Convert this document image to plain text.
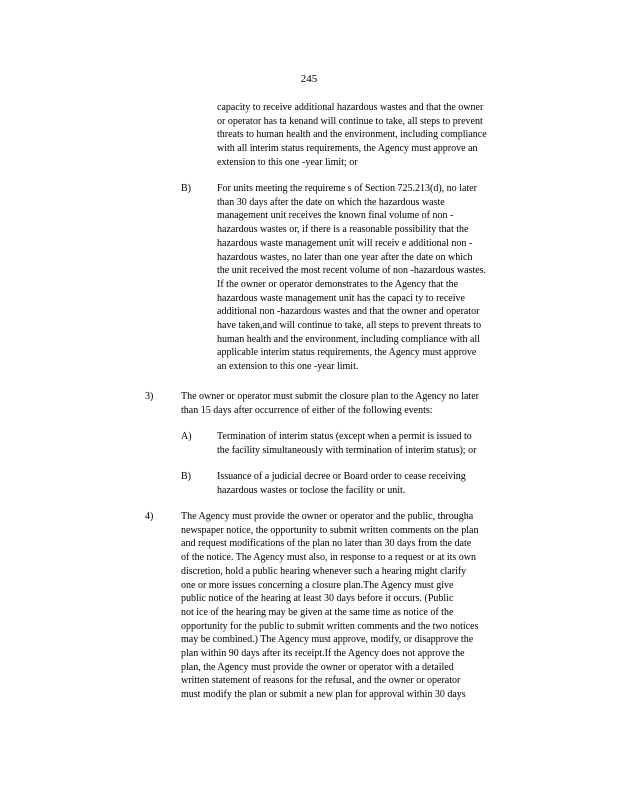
245
capacity to receive additional hazardous wastes and that the owner
or operator has ta kenand will continue to take, all steps to prevent
threats to human health and the environment, including compliance
with all interim status requirements, the Agency must approve an
extension to this one -year limit; or
B)	For units meeting the requireme s of Section 725.213(d), no later
than 30 days after the date on which the hazardous waste
management unit receives the known final volume of non -
hazardous wastes or, if there is a reasonable possibility that the
hazardous waste management unit will receiv e additional non -
hazardous wastes, no later than one year after the date on which
the unit received the most recent volume of non -hazardous wastes.
If the owner or operator demonstrates to the Agency that the
hazardous waste management unit has the capaci ty to receive
additional non -hazardous wastes and that the owner and operator
have taken,and will continue to take, all steps to prevent threats to
human health and the environment, including compliance with all
applicable interim status requirements, the Agency must approve
an extension to this one -year limit.
3)	The owner or operator must submit the closure plan to the Agency no later
than 15 days after occurrence of either of the following events:
A)	Termination of interim status (except when a permit is issued to
the facility simultaneously with termination of interim status); or
B)	Issuance of a judicial decree or Board order to cease receiving
hazardous wastes or toclose the facility or unit.
4)	The Agency must provide the owner or operator and the public, througha
newspaper notice, the opportunity to submit written comments on the plan
and request modifications of the plan no later than 30 days from the date
of the notice. The Agency must also, in response to a request or at its own
discretion, hold a public hearing whenever such a hearing might clarify
one or more issues concerning a closure plan.The Agency must give
public notice of the hearing at least 30 days before it occurs. (Public
not ice of the hearing may be given at the same time as notice of the
opportunity for the public to submit written comments and the two notices
may be combined.) The Agency must approve, modify, or disapprove the
plan within 90 days after its receipt.If the Agency does not approve the
plan, the Agency must provide the owner or operator with a detailed
written statement of reasons for the refusal, and the owner or operator
must modify the plan or submit a new plan for approval within 30 days
